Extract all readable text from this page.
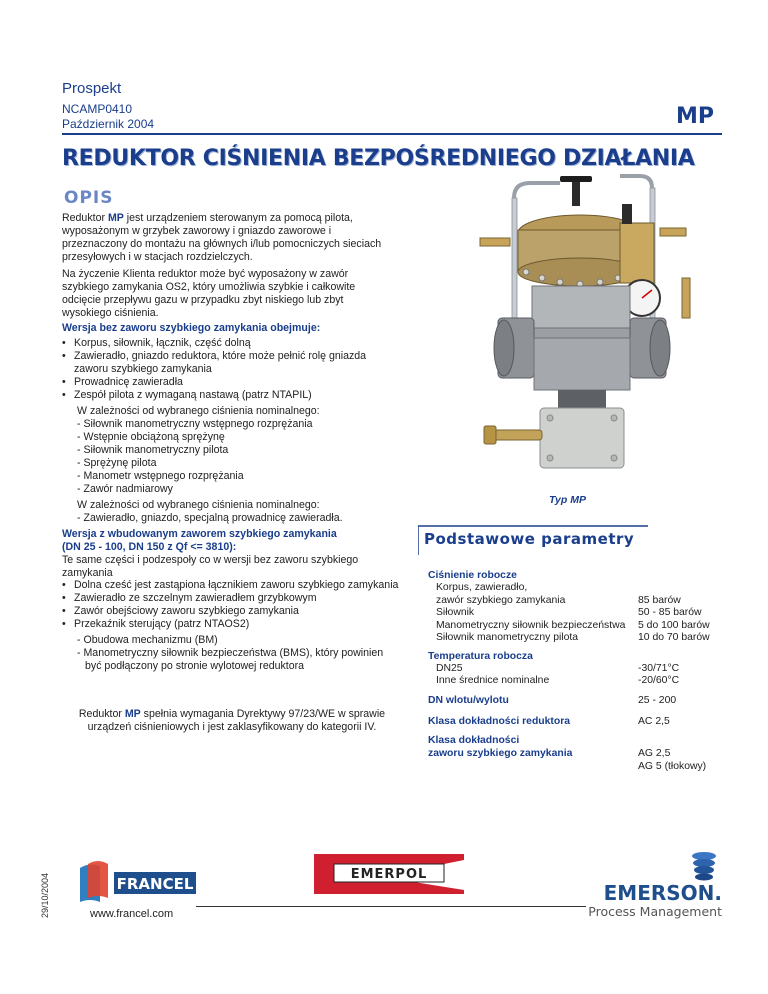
Prospekt
NCAMP0410
Październik 2004	MP
REDUKTOR CIŚNIENIA BEZPOŚREDNIEGO DZIAŁANIA
OPIS

Reduktor MP jest urządzeniem sterowanym za pomocą pilota, wyposażonym w grzybek zaworowy i gniazdo zaworowe i przeznaczony do montażu na głównych i/lub pomocniczych sieciach przesyłowych i w stacjach rozdzielczych.

Na życzenie Klienta reduktor może być wyposażony w zawór szybkiego zamykania OS2, który umożliwia szybkie i całkowite odcięcie przepływu gazu w przypadku zbyt niskiego lub zbyt wysokiego ciśnienia.

Wersja bez zaworu szybkiego zamykania obejmuje:
• Korpus, siłownik, łącznik, część dolną
• Zawieradło, gniazdo reduktora, które może pełnić rolę gniazda zaworu szybkiego zamykania
• Prowadnicę zawieradła
• Zespół pilota z wymaganą nastawą (patrz NTAPIL)
W zależności od wybranego ciśnienia nominalnego:
- Siłownik manometryczny wstępnego rozprężania
- Wstępnie obciążoną sprężynę
- Siłownik manometryczny pilota
- Sprężynę pilota
- Manometr wstępnego rozprężania
- Zawór nadmiarowy
W zależności od wybranego ciśnienia nominalnego:
- Zawieradło, gniazdo, specjalną prowadnicę zawieradła.
Wersja z wbudowanym zaworem szybkiego zamykania
(DN 25 - 100, DN 150 z Qf <= 3810):
Te same części i podzespoły co w wersji bez zaworu szybkiego zamykania
• Dolna cześć jest zastąpiona łącznikiem zaworu szybkiego zamykania
• Zawieradło ze szczelnym zawieradłem grzybkowym
• Zawór obejściowy zaworu szybkiego zamykania
• Przekaźnik sterujący (patrz NTAOS2)
- Obudowa mechanizmu (BM)
- Manometryczny siłownik bezpieczeństwa (BMS), który powinien być podłączony po stronie wylotowej reduktora
Reduktor MP spełnia wymagania Dyrektywy 97/23/WE w sprawie urządzeń ciśnieniowych i jest zaklasyfikowany do kategorii IV.
Typ MP
Podstawowe parametry
Ciśnienie robocze
Korpus, zawieradło,
zawór szybkiego zamykania	85 barów
Siłownik	50 - 85 barów
Manometryczny siłownik bezpieczeństwa 5 do 100 barów
Siłownik manometryczny pilota	10 do 70 barów
Temperatura robocza
DN25	-30/71°C
Inne średnice nominalne	-20/60°C
DN wlotu/wylotu	25 - 200
Klasa dokładności reduktora	AC 2,5
Klasa dokładności
zaworu szybkiego zamykania	AG 2,5
AG 5 (tłokowy)
29/10/2004	FRANCEL
EMERPOL
www.francel.com
EMERSON.
Process Management
